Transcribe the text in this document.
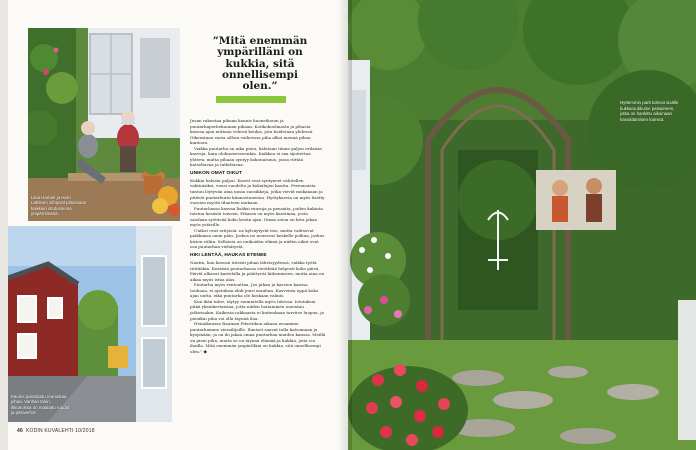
Liisa Hamari ja Harri Lahtinen viihtyvät pihassaan kaikkien istutustensa ympäröimänä.
Kaunis puistokatu reunustaa pihaa. Vanhan talon ikkunoissa on maalattu ruudut ja pitsiverhot.
”Mitä enemmän ympärilläni on kukkia, sitä onnellisempi olen.”

Juvan rakentaa pihaan kaunis huoneikonin ja puutarhaperhekunnan pihaan. Kotikokoelmasta ja pihasta kasvaa ajan mittaan vehreä keidas, jota hoidetaan yhdessä. Oikeastaan vasta silloin vaiheessa piha alkoi mennä pihan kuntoon.

Vaikka puutarha on aika pieni, halutaan tänne paljon erilaisia kasveja, kuin olohuoneeseenkin. Kaikkea ei saa sijoitettua yhteen, mutta pihaan syntyy kokonaisuus, jossa riittää katseltavaa ja tutkittavaa.

UNIKON OMAT OIKUT

Kukkia halusin paljon. Kasvit ovat syntyneet vähitellen vakituisiksi, vuosi vuodelta ja kokeilujen kautta. Perennoista tuntuu löytyvän aina uusia suosikkeja, jotka vievät mukanaan ja pitävät puutarhurin kiinnostuneena. Hyötykasvia on myös lisätty vuosien myötä tilanteen mukaan.

Puutarhassa kasvaa lisäksi ruusuja ja pensaita, joiden kukinta toistuu kesästä toiseen. Pihassa on myös kasvimaa, josta saadaan syötävää koko kesän ajan. Omaa satoa on kiva jakaa myös ystäville.

Unikot ovat erityisiä: ne kylväytyvät itse, mutta valitsevat paikkansa omin päin. Joskus ne nousevat keskelle polkua, joskus kivien väliin. Sellaista on unikoiden elämä ja niiden oikut ovat osa puutarhan viehätystä.

HIKI LENTÄÄ, HAUKAS ETENEE

Nautin, kun kasvan tiiviisti pihan läheisyydessä, vaikka työtä riittääkin. Kesäisin puutarhassa vierähtää helposti koko päivä. Päivät alkavat kastelulla ja päättyvät kitkemiseen, mutta aina on aikaa myös istua alas.

Puutarha myös rentouttaa. Jos pihan ja kasvien kanssa touhuaa, ei ajatuksia ehdi juuri muuhun. Kasveista oppii koko ajan uutta, eikä puutarha ole koskaan valmis.

Kun ikää tulee, täytyy suunnitella myös tulevaa. Istutuksia pitää yksinkertaistaa, jotta niiden hoitaminen onnistuu jatkossakin. Kaikesta rakkaasta ei kuitenkaan tarvitse luopua, ja pienikin piha voi olla täynnä iloa.

Heinäkuussa Rauman Pitsiviikon aikana avaamme puutarhamme vierailijoille. Ihmiset saavat tulla katsomaan ja kysymään, ja on ilo jakaa omaa puutarhaa muiden kanssa. Meillä on pieni piha, mutta se on täynnä elämää ja kukkia, joita voi ihailla. Mitä enemmän ympärilläni on kukkia, sitä onnellisempi olen.” ◆

46 KODIN KUVALEHTI 10/2018
Nyttemmin parit tulevat sisälle kukkaruukkuine patsaineen, jotka on hankittu aikoinaan kasvattamisen kanssa.
